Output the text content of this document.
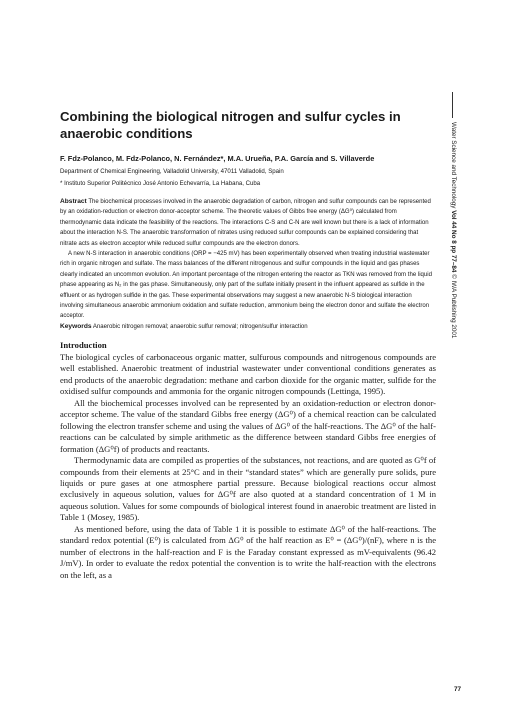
Water Science and Technology Vol 44 No 8 pp 77–84 © IWA Publishing 2001
Combining the biological nitrogen and sulfur cycles in anaerobic conditions
F. Fdz-Polanco, M. Fdz-Polanco, N. Fernández*, M.A. Urueña, P.A. García and S. Villaverde
Department of Chemical Engineering, Valladolid University, 47011 Valladolid, Spain
* Instituto Superior Politécnico José Antonio Echevarría, La Habana, Cuba

Abstract The biochemical processes involved in the anaerobic degradation of carbon, nitrogen and sulfur compounds can be represented by an oxidation-reduction or electron donor-acceptor scheme. The theoretic values of Gibbs free energy (ΔG⁰) calculated from thermodynamic data indicate the feasibility of the reactions. The interactions C-S and C-N are well known but there is a lack of information about the interaction N-S. The anaerobic transformation of nitrates using reduced sulfur compounds can be explained considering that nitrate acts as electron acceptor while reduced sulfur compounds are the electron donors.

A new N-S interaction in anaerobic conditions (ORP = −425 mV) has been experimentally observed when treating industrial wastewater rich in organic nitrogen and sulfate. The mass balances of the different nitrogenous and sulfur compounds in the liquid and gas phases clearly indicated an uncommon evolution. An important percentage of the nitrogen entering the reactor as TKN was removed from the liquid phase appearing as N₂ in the gas phase. Simultaneously, only part of the sulfate initially present in the influent appeared as sulfide in the effluent or as hydrogen sulfide in the gas. These experimental observations may suggest a new anaerobic N-S biological interaction involving simultaneous anaerobic ammonium oxidation and sulfate reduction, ammonium being the electron donor and sulfate the electron acceptor.

Keywords Anaerobic nitrogen removal; anaerobic sulfur removal; nitrogen/sulfur interaction

Introduction

The biological cycles of carbonaceous organic matter, sulfurous compounds and nitrogenous compounds are well established. Anaerobic treatment of industrial wastewater under conventional conditions generates as end products of the anaerobic degradation: methane and carbon dioxide for the organic matter, sulfide for the oxidised sulfur compounds and ammonia for the organic nitrogen compounds (Lettinga, 1995).

All the biochemical processes involved can be represented by an oxidation-reduction or electron donor-acceptor scheme. The value of the standard Gibbs free energy (ΔG⁰) of a chemical reaction can be calculated following the electron transfer scheme and using the values of ΔG⁰ of the half-reactions. The ΔG⁰ of the half-reactions can be calculated by simple arithmetic as the difference between standard Gibbs free energies of formation (ΔG⁰f) of products and reactants.

Thermodynamic data are compiled as properties of the substances, not reactions, and are quoted as G⁰f of compounds from their elements at 25°C and in their “standard states” which are generally pure solids, pure liquids or pure gases at one atmosphere partial pressure. Because biological reactions occur almost exclusively in aqueous solution, values for ΔG⁰f are also quoted at a standard concentration of 1 M in aqueous solution. Values for some compounds of biological interest found in anaerobic treatment are listed in Table 1 (Mosey, 1985).

As mentioned before, using the data of Table 1 it is possible to estimate ΔG⁰ of the half-reactions. The standard redox potential (E⁰) is calculated from ΔG⁰ of the half reaction as E⁰ = (ΔG⁰)/(nF), where n is the number of electrons in the half-reaction and F is the Faraday constant expressed as mV-equivalents (96.42 J/mV). In order to evaluate the redox potential the convention is to write the half-reaction with the electrons on the left, as a

77
